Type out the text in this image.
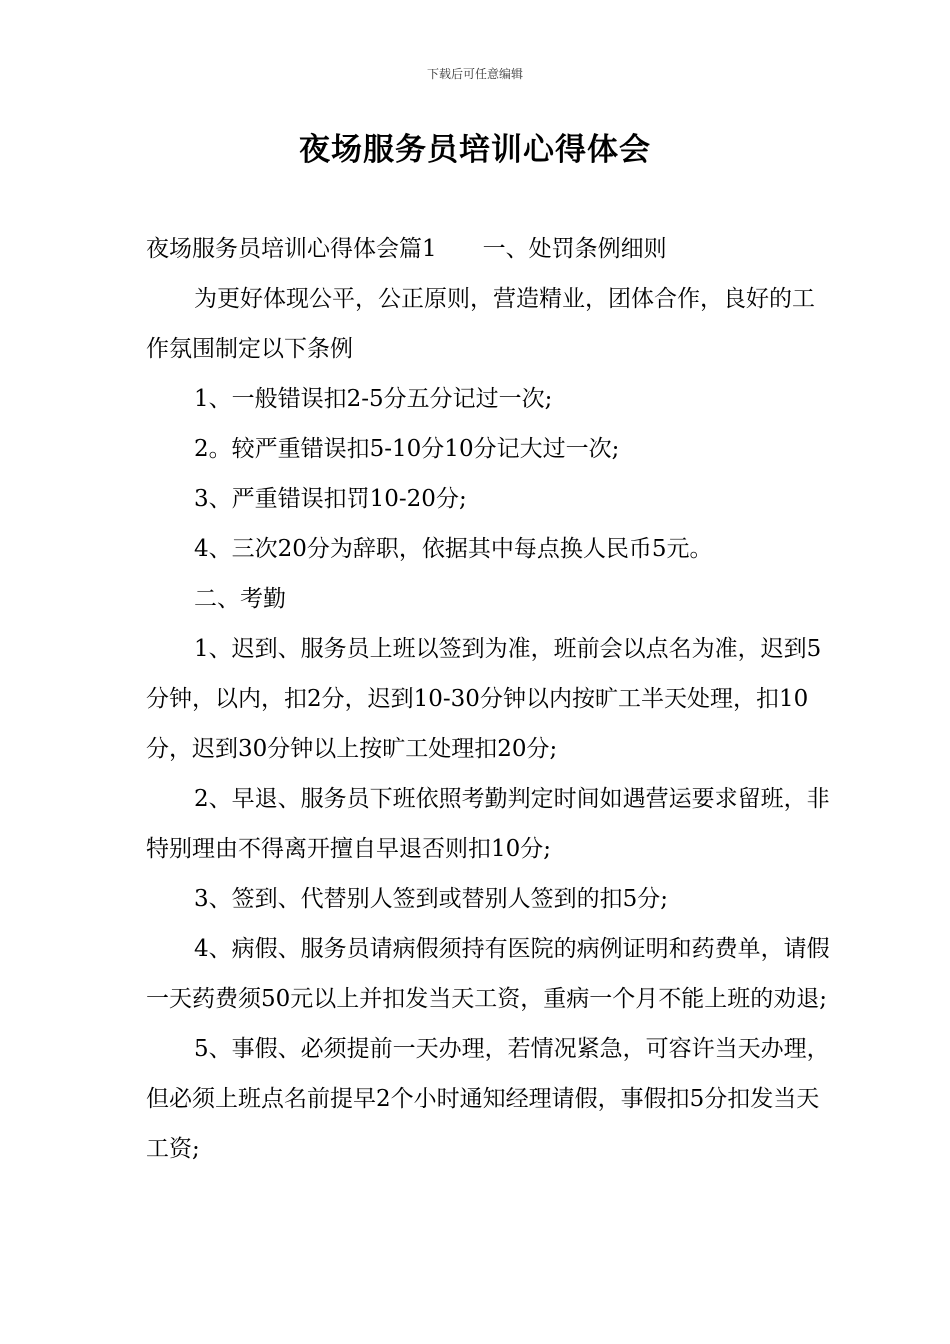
下载后可任意编辑
夜场服务员培训心得体会

夜场服务员培训心得体会篇1　　一、处罚条例细则

为更好体现公平，公正原则，营造精业，团体合作，良好的工作氛围制定以下条例

1、一般错误扣2-5分五分记过一次;

2。较严重错误扣5-10分10分记大过一次;

3、严重错误扣罚10-20分;

4、三次20分为辞职，依据其中每点换人民币5元。

二、考勤

1、迟到、服务员上班以签到为准，班前会以点名为准，迟到5分钟，以内，扣2分，迟到10-30分钟以内按旷工半天处理，扣10分，迟到30分钟以上按旷工处理扣20分;

2、早退、服务员下班依照考勤判定时间如遇营运要求留班，非特别理由不得离开擅自早退否则扣10分;

3、签到、代替别人签到或替别人签到的扣5分;

4、病假、服务员请病假须持有医院的病例证明和药费单，请假一天药费须50元以上并扣发当天工资，重病一个月不能上班的劝退;

5、事假、必须提前一天办理，若情况紧急，可容许当天办理，但必须上班点名前提早2个小时通知经理请假，事假扣5分扣发当天工资;
